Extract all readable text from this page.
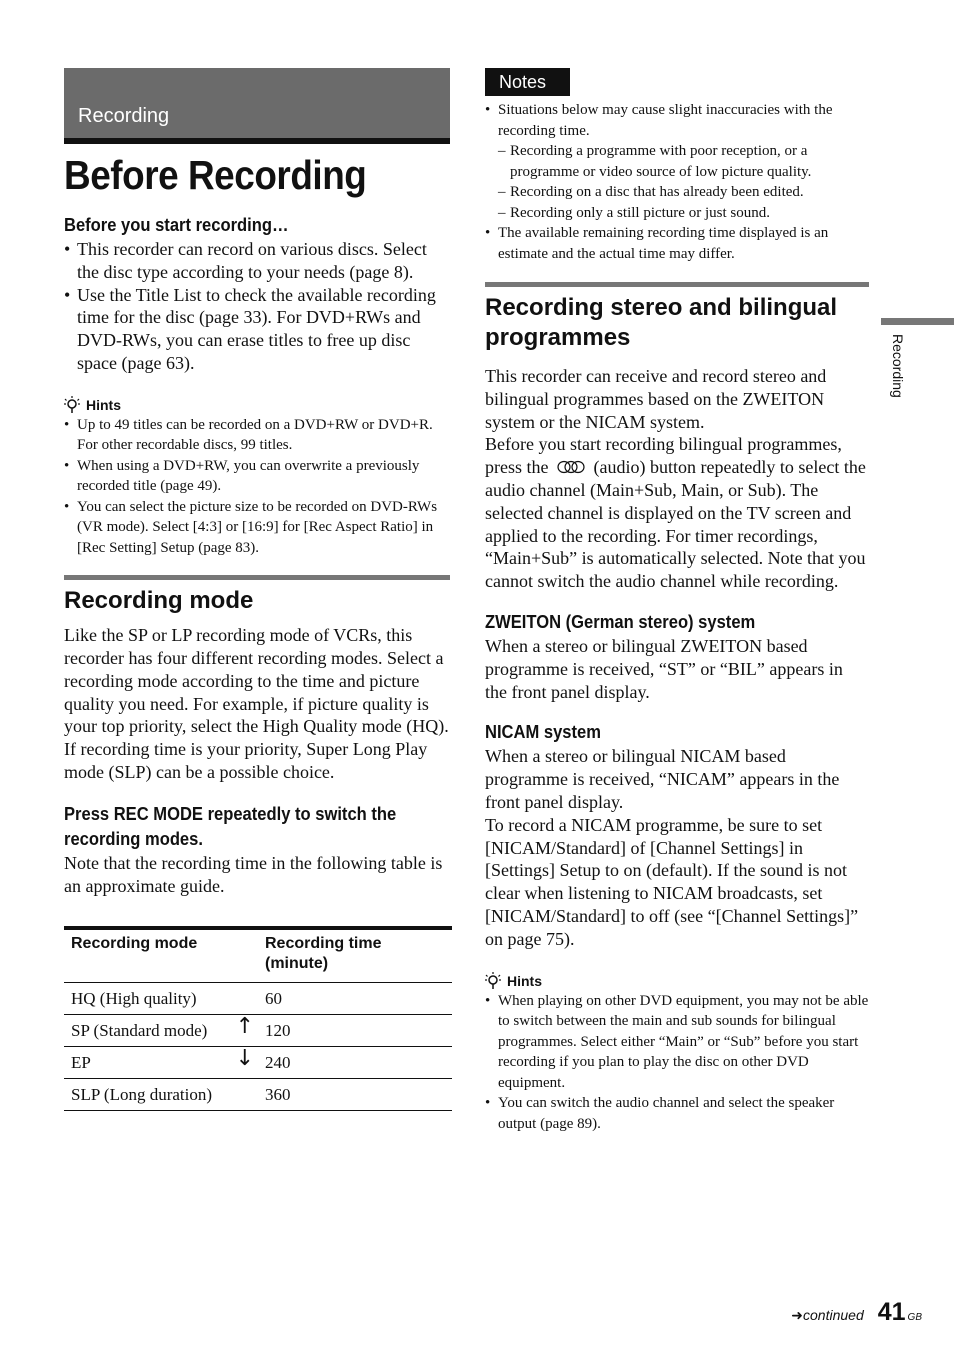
Recording
Before Recording
Before you start recording…
• This recorder can record on various discs. Select the disc type according to your needs (page 8).
• Use the Title List to check the available recording time for the disc (page 33). For DVD+RWs and DVD-RWs, you can erase titles to free up disc space (page 63).
Hints
• Up to 49 titles can be recorded on a DVD+RW or DVD+R. For other recordable discs, 99 titles.
• When using a DVD+RW, you can overwrite a previously recorded title (page 49).
• You can select the picture size to be recorded on DVD-RWs (VR mode). Select [4:3] or [16:9] for [Rec Aspect Ratio] in [Rec Setting] Setup (page 83).
Recording mode

Like the SP or LP recording mode of VCRs, this recorder has four different recording modes. Select a recording mode according to the time and picture quality you need. For example, if picture quality is your top priority, select the High Quality mode (HQ). If recording time is your priority, Super Long Play mode (SLP) can be a possible choice.

Press REC MODE repeatedly to switch the recording modes.

Note that the recording time in the following table is an approximate guide.

Recording mode	Recording time (minute)
HQ (High quality)	60
SP (Standard mode) ↑	120
EP ↓	240
SLP (Long duration)	360
Notes
• Situations below may cause slight inaccuracies with the recording time.
– Recording a programme with poor reception, or a programme or video source of low picture quality.
– Recording on a disc that has already been edited.
– Recording only a still picture or just sound.
• The available remaining recording time displayed is an estimate and the actual time may differ.
Recording stereo and bilingual programmes

This recorder can receive and record stereo and bilingual programmes based on the ZWEITON system or the NICAM system.

Before you start recording bilingual programmes, press the	(audio) button repeatedly to select the audio channel (Main+Sub, Main, or Sub). The selected channel is displayed on the TV screen and applied to the recording. For timer recordings, “Main+Sub” is automatically selected. Note that you cannot switch the audio channel while recording.

ZWEITON (German stereo) system

When a stereo or bilingual ZWEITON based programme is received, “ST” or “BIL” appears in the front panel display.

NICAM system

When a stereo or bilingual NICAM based programme is received, “NICAM” appears in the front panel display.

To record a NICAM programme, be sure to set [NICAM/Standard] of [Channel Settings] in [Settings] Setup to on (default). If the sound is not clear when listening to NICAM broadcasts, set [NICAM/Standard] to off (see “[Channel Settings]” on page 75).

Hints
• When playing on other DVD equipment, you may not be able to switch between the main and sub sounds for bilingual programmes. Select either “Main” or “Sub” before you start recording if you plan to play the disc on other DVD equipment.
• You can switch the audio channel and select the speaker output (page 89).
Recording
➜continued 41 GB
